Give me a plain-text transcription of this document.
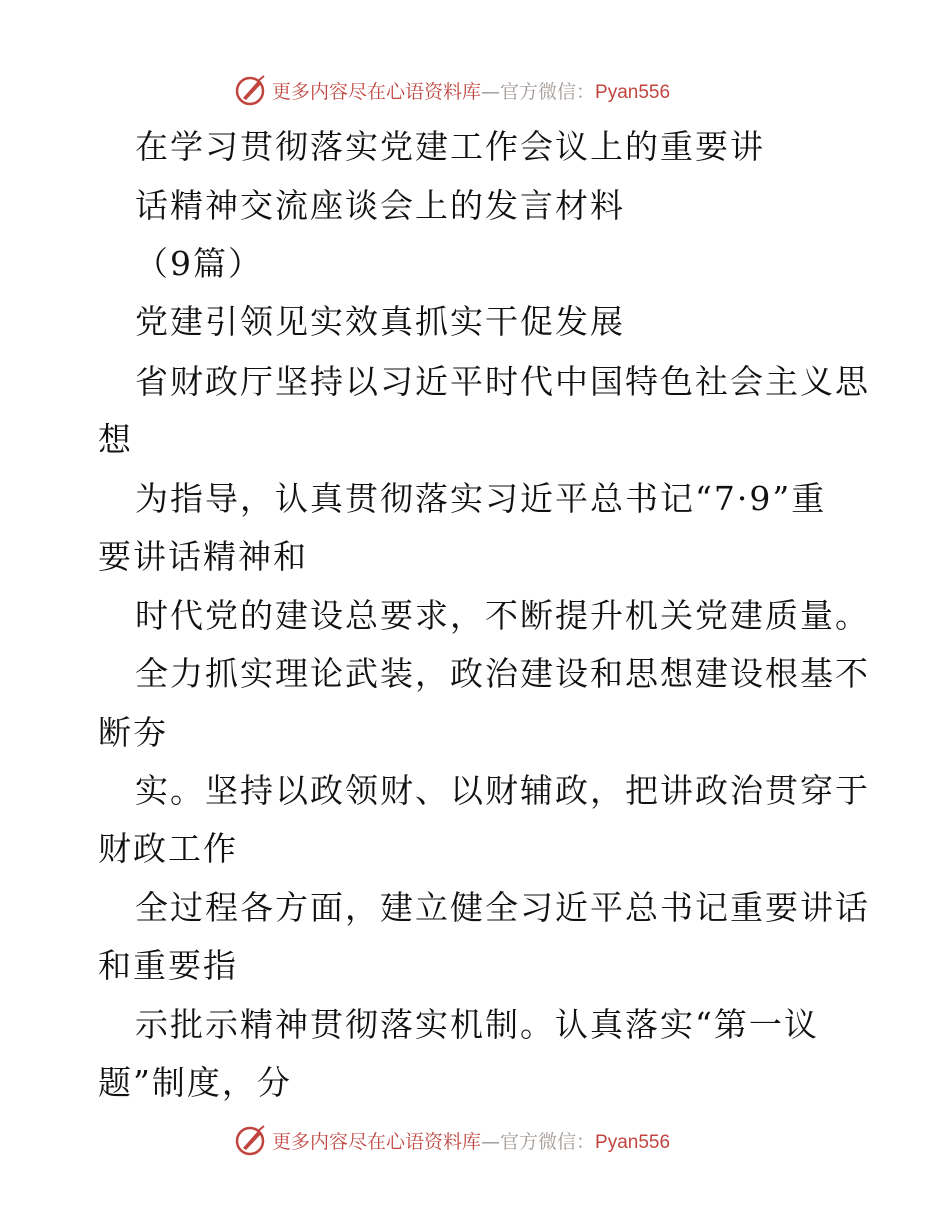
更多内容尽在心语资料库—官方微信：Pyan556

在学习贯彻落实党建工作会议上的重要讲

话精神交流座谈会上的发言材料

（9篇）

党建引领见实效真抓实干促发展

省财政厅坚持以习近平时代中国特色社会主义思

想

为指导，认真贯彻落实习近平总书记“7·9”重

要讲话精神和

时代党的建设总要求，不断提升机关党建质量。

全力抓实理论武装，政治建设和思想建设根基不

断夯

实。坚持以政领财、以财辅政，把讲政治贯穿于

财政工作

全过程各方面，建立健全习近平总书记重要讲话

和重要指

示批示精神贯彻落实机制。认真落实“第一议

题”制度，分

更多内容尽在心语资料库—官方微信：Pyan556
